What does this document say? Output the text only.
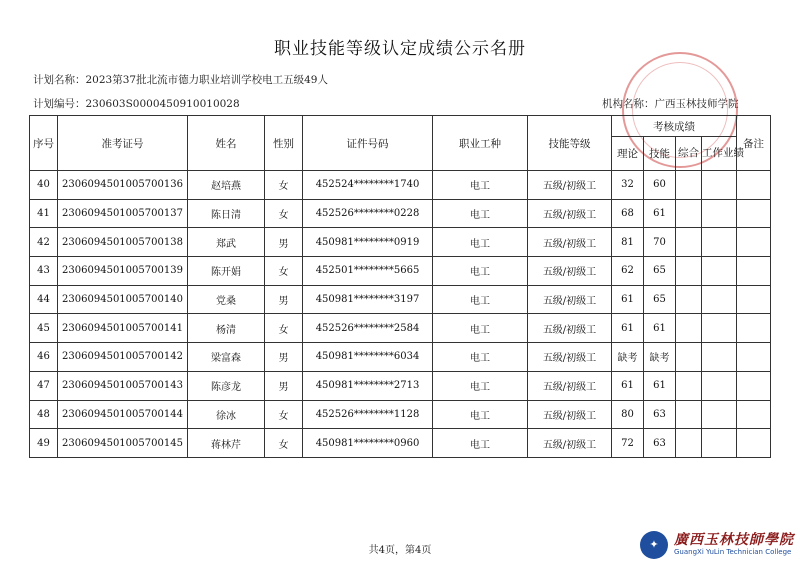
职业技能等级认定成绩公示名册
计划名称：2023第37批北流市德力职业培训学校电工五级49人
计划编号：230603S0000450910010028	机构名称：广西玉林技师学院
序号	准考证号	姓名	性别	证件号码	职业工种	技能等级	考核成绩				备注
							理论	技能	综合	工作业绩	
40	2306094501005700136	赵培燕	女	452524********1740	电工	五级/初级工	32	60			
41	2306094501005700137	陈日清	女	452526********0228	电工	五级/初级工	68	61			
42	2306094501005700138	郑武	男	450981********0919	电工	五级/初级工	81	70			
43	2306094501005700139	陈开娟	女	452501********5665	电工	五级/初级工	62	65			
44	2306094501005700140	党桑	男	450981********3197	电工	五级/初级工	61	65			
45	2306094501005700141	杨清	女	452526********2584	电工	五级/初级工	61	61			
46	2306094501005700142	梁富森	男	450981********6034	电工	五级/初级工	缺考	缺考			
47	2306094501005700143	陈彦龙	男	450981********2713	电工	五级/初级工	61	61			
48	2306094501005700144	徐冰	女	452526********1128	电工	五级/初级工	80	63			
49	2306094501005700145	蒋林芹	女	450981********0960	电工	五级/初级工	72	63			
共4页，第4页	✦	廣西玉林技師學院
GuangXi YuLin Technician College
